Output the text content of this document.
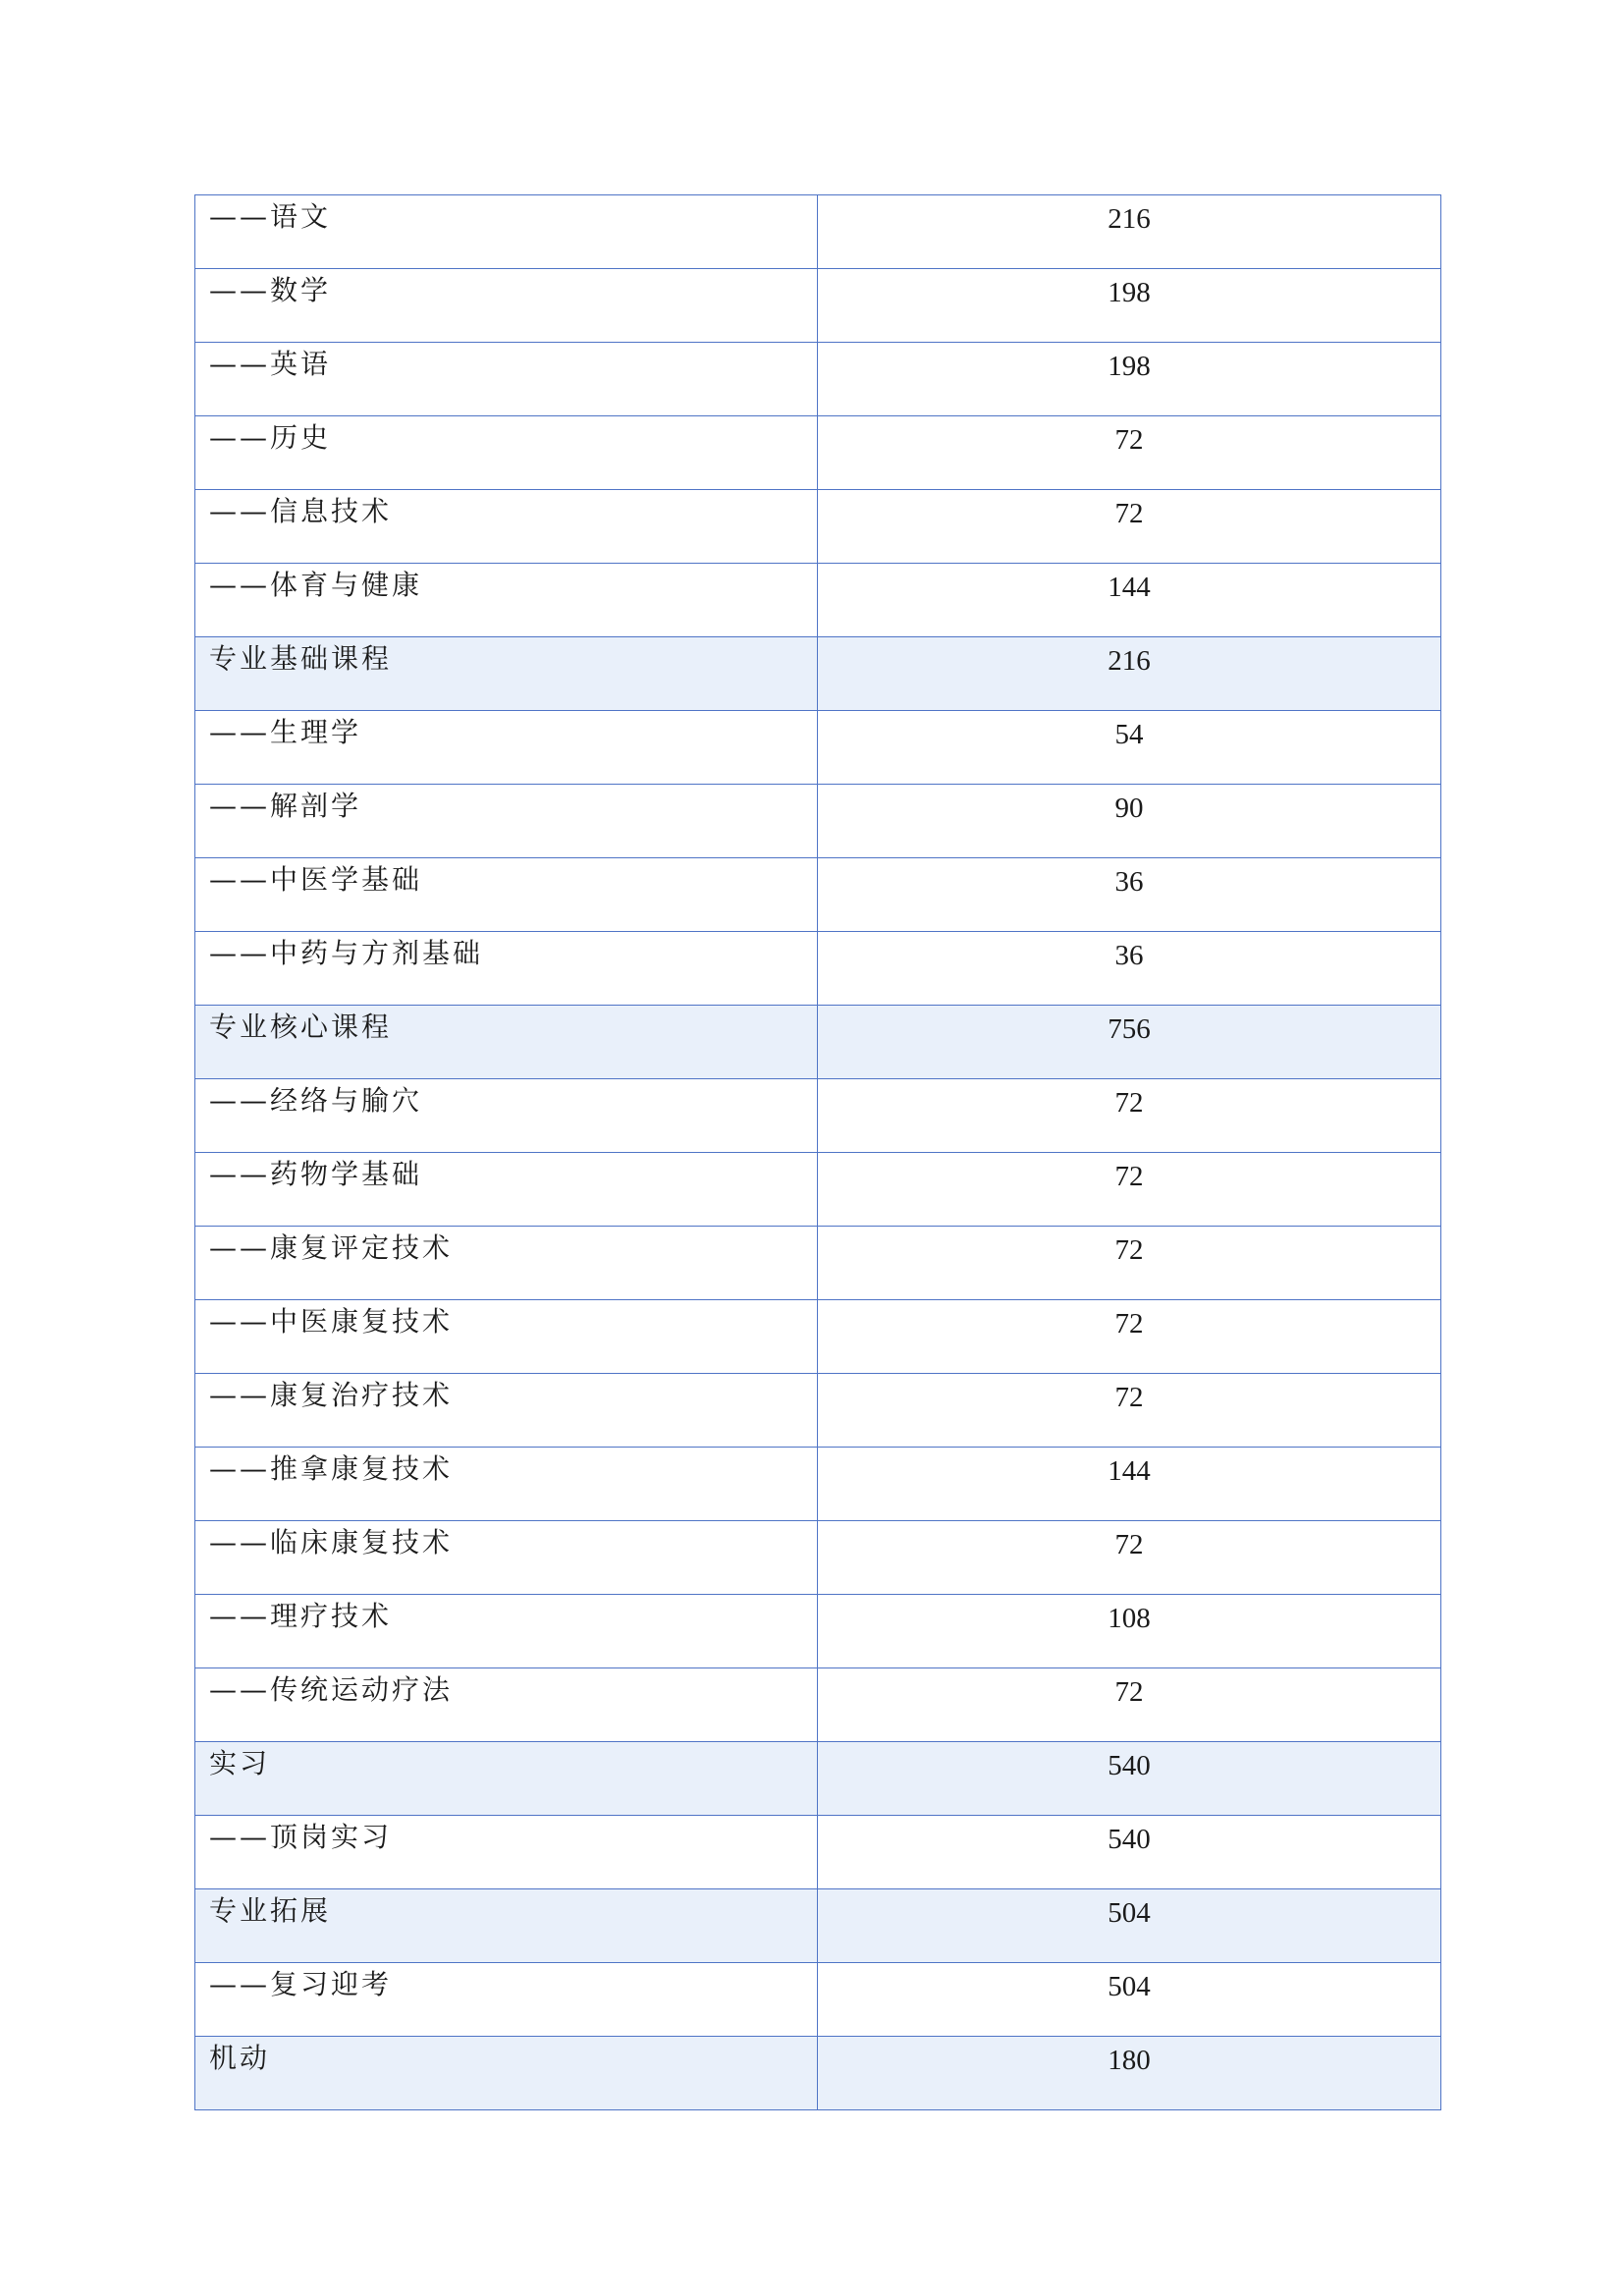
——语文	216
——数学	198
——英语	198
——历史	72
——信息技术	72
——体育与健康	144
专业基础课程	216
——生理学	54
——解剖学	90
——中医学基础	36
——中药与方剂基础	36
专业核心课程	756
——经络与腧穴	72
——药物学基础	72
——康复评定技术	72
——中医康复技术	72
——康复治疗技术	72
——推拿康复技术	144
——临床康复技术	72
——理疗技术	108
——传统运动疗法	72
实习	540
——顶岗实习	540
专业拓展	504
——复习迎考	504
机动	180
